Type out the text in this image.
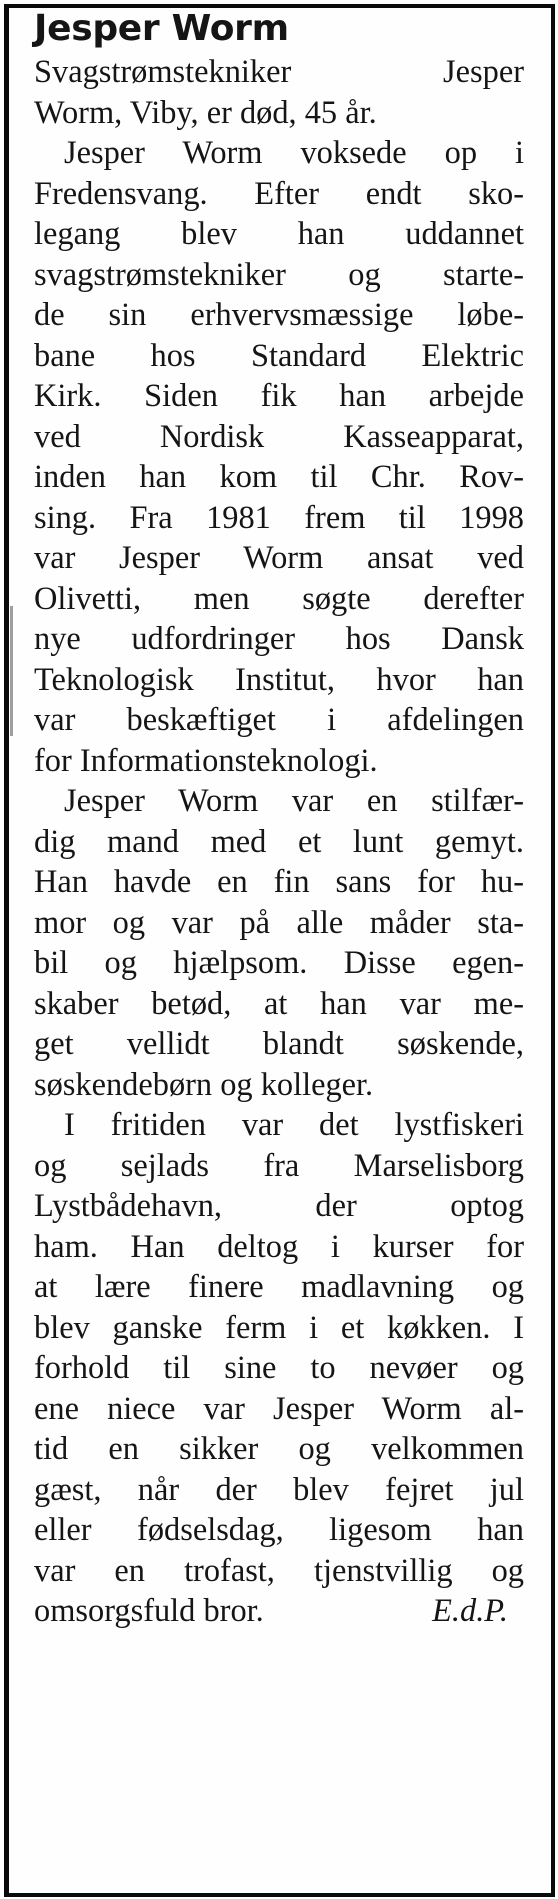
Jesper Worm
Svagstrømstekniker Jesper
Worm, Viby, er død, 45 år.
Jesper Worm voksede op i
Fredensvang. Efter endt sko-
legang blev han uddannet
svagstrømstekniker og starte-
de sin erhvervsmæssige løbe-
bane hos Standard Elektric
Kirk. Siden fik han arbejde
ved Nordisk Kasseapparat,
inden han kom til Chr. Rov-
sing. Fra 1981 frem til 1998
var Jesper Worm ansat ved
Olivetti, men søgte derefter
nye udfordringer hos Dansk
Teknologisk Institut, hvor han
var beskæftiget i afdelingen
for Informationsteknologi.
Jesper Worm var en stilfær-
dig mand med et lunt gemyt.
Han havde en fin sans for hu-
mor og var på alle måder sta-
bil og hjælpsom. Disse egen-
skaber betød, at han var me-
get vellidt blandt søskende,
søskendebørn og kolleger.
I fritiden var det lystfiskeri
og sejlads fra Marselisborg
Lystbådehavn, der optog
ham. Han deltog i kurser for
at lære finere madlavning og
blev ganske ferm i et køkken. I
forhold til sine to nevøer og
ene niece var Jesper Worm al-
tid en sikker og velkommen
gæst, når der blev fejret jul
eller fødselsdag, ligesom han
var en trofast, tjenstvillig og
omsorgsfuld bror.	E.d.P.
